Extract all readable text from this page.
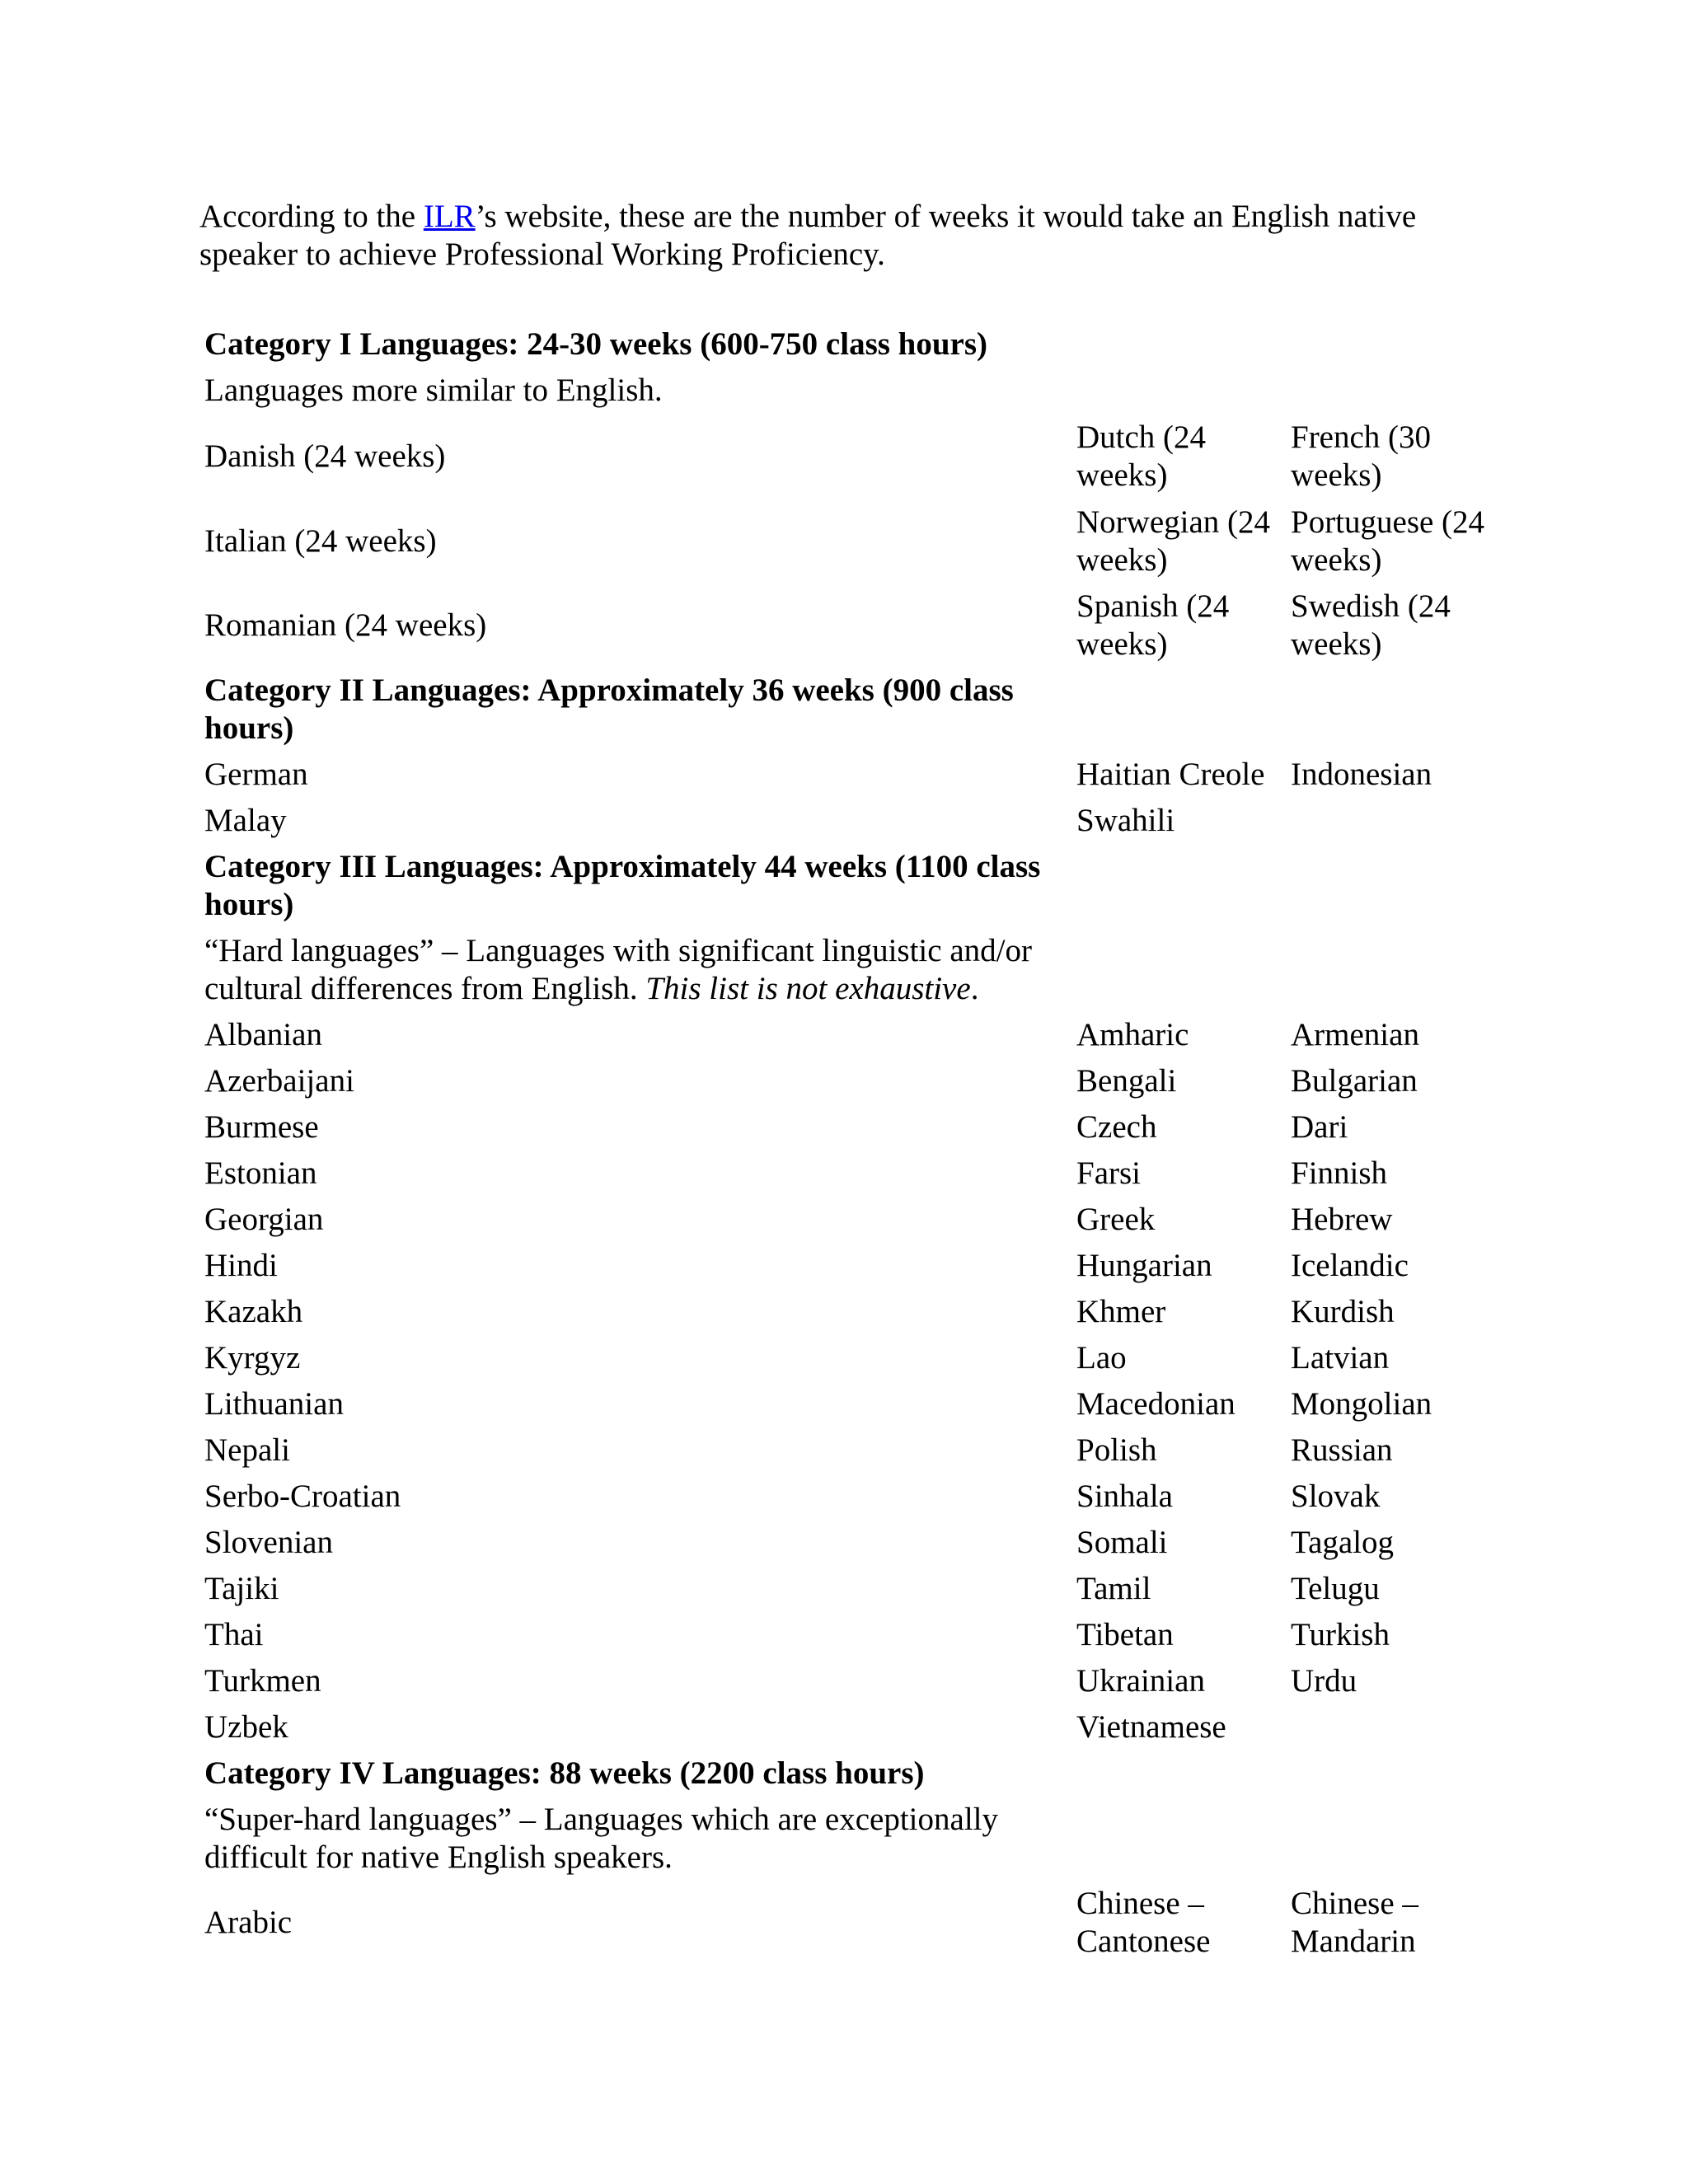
According to the ILR’s website, these are the number of weeks it would take an English native speaker to achieve Professional Working Proficiency.

Category I Languages: 24-30 weeks (600-750 class hours)		
Languages more similar to English.		
Danish (24 weeks)	Dutch (24 weeks)	French (30 weeks)
Italian (24 weeks)	Norwegian (24 weeks)	Portuguese (24 weeks)
Romanian (24 weeks)	Spanish (24 weeks)	Swedish (24 weeks)
Category II Languages: Approximately 36 weeks (900 class hours)		
German	Haitian Creole	Indonesian
Malay	Swahili	
Category III Languages: Approximately 44 weeks (1100 class hours)		
“Hard languages” – Languages with significant linguistic and/or cultural differences from English. This list is not exhaustive.		
Albanian	Amharic	Armenian
Azerbaijani	Bengali	Bulgarian
Burmese	Czech	Dari
Estonian	Farsi	Finnish
Georgian	Greek	Hebrew
Hindi	Hungarian	Icelandic
Kazakh	Khmer	Kurdish
Kyrgyz	Lao	Latvian
Lithuanian	Macedonian	Mongolian
Nepali	Polish	Russian
Serbo-Croatian	Sinhala	Slovak
Slovenian	Somali	Tagalog
Tajiki	Tamil	Telugu
Thai	Tibetan	Turkish
Turkmen	Ukrainian	Urdu
Uzbek	Vietnamese	
Category IV Languages: 88 weeks (2200 class hours)		
“Super-hard languages” – Languages which are exceptionally difficult for native English speakers.		
Arabic	Chinese – Cantonese	Chinese – Mandarin
